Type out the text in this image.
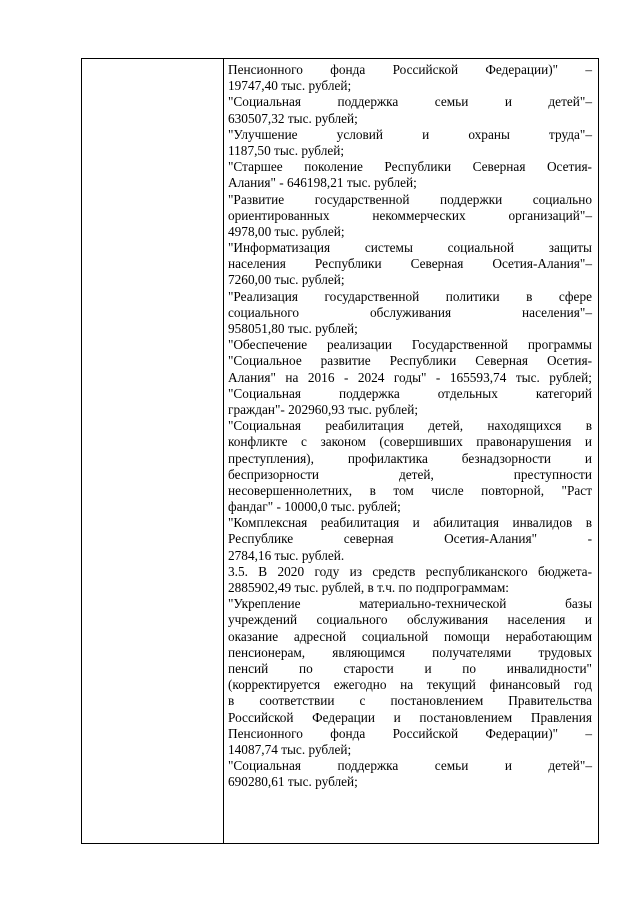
Пенсионного фонда Российской Федерации)" –
19747,40 тыс. рублей;
"Социальная поддержка семьи и детей"–
630507,32 тыс. рублей;
"Улучшение условий и охраны труда"–
1187,50 тыс. рублей;
"Старшее поколение Республики Северная Осетия-
Алания" - 646198,21 тыс. рублей;
"Развитие государственной поддержки социально
ориентированных некоммерческих организаций"–
4978,00 тыс. рублей;
"Информатизация системы социальной защиты
населения Республики Северная Осетия-Алания"–
7260,00 тыс. рублей;
"Реализация государственной политики в сфере
социального обслуживания населения"–
958051,80 тыс. рублей;
"Обеспечение реализации Государственной программы
"Социальное развитие Республики Северная Осетия-
Алания" на 2016 - 2024 годы" - 165593,74 тыс. рублей;
"Социальная поддержка отдельных категорий
граждан"- 202960,93 тыс. рублей;
"Социальная реабилитация детей, находящихся в
конфликте с законом (совершивших правонарушения и
преступления), профилактика безнадзорности и
беспризорности детей, преступности
несовершеннолетних, в том числе повторной, "Раст
фандаг" - 10000,0 тыс. рублей;
"Комплексная реабилитация и абилитация инвалидов в
Республике северная Осетия-Алания" -
2784,16 тыс. рублей.
3.5. В 2020 году из средств республиканского бюджета-
2885902,49 тыс. рублей, в т.ч. по подпрограммам:
"Укрепление материально-технической базы
учреждений социального обслуживания населения и
оказание адресной социальной помощи неработающим
пенсионерам, являющимся получателями трудовых
пенсий по старости и по инвалидности"
(корректируется ежегодно на текущий финансовый год
в соответствии с постановлением Правительства
Российской Федерации и постановлением Правления
Пенсионного фонда Российской Федерации)" –
14087,74 тыс. рублей;
"Социальная поддержка семьи и детей"–
690280,61 тыс. рублей;
